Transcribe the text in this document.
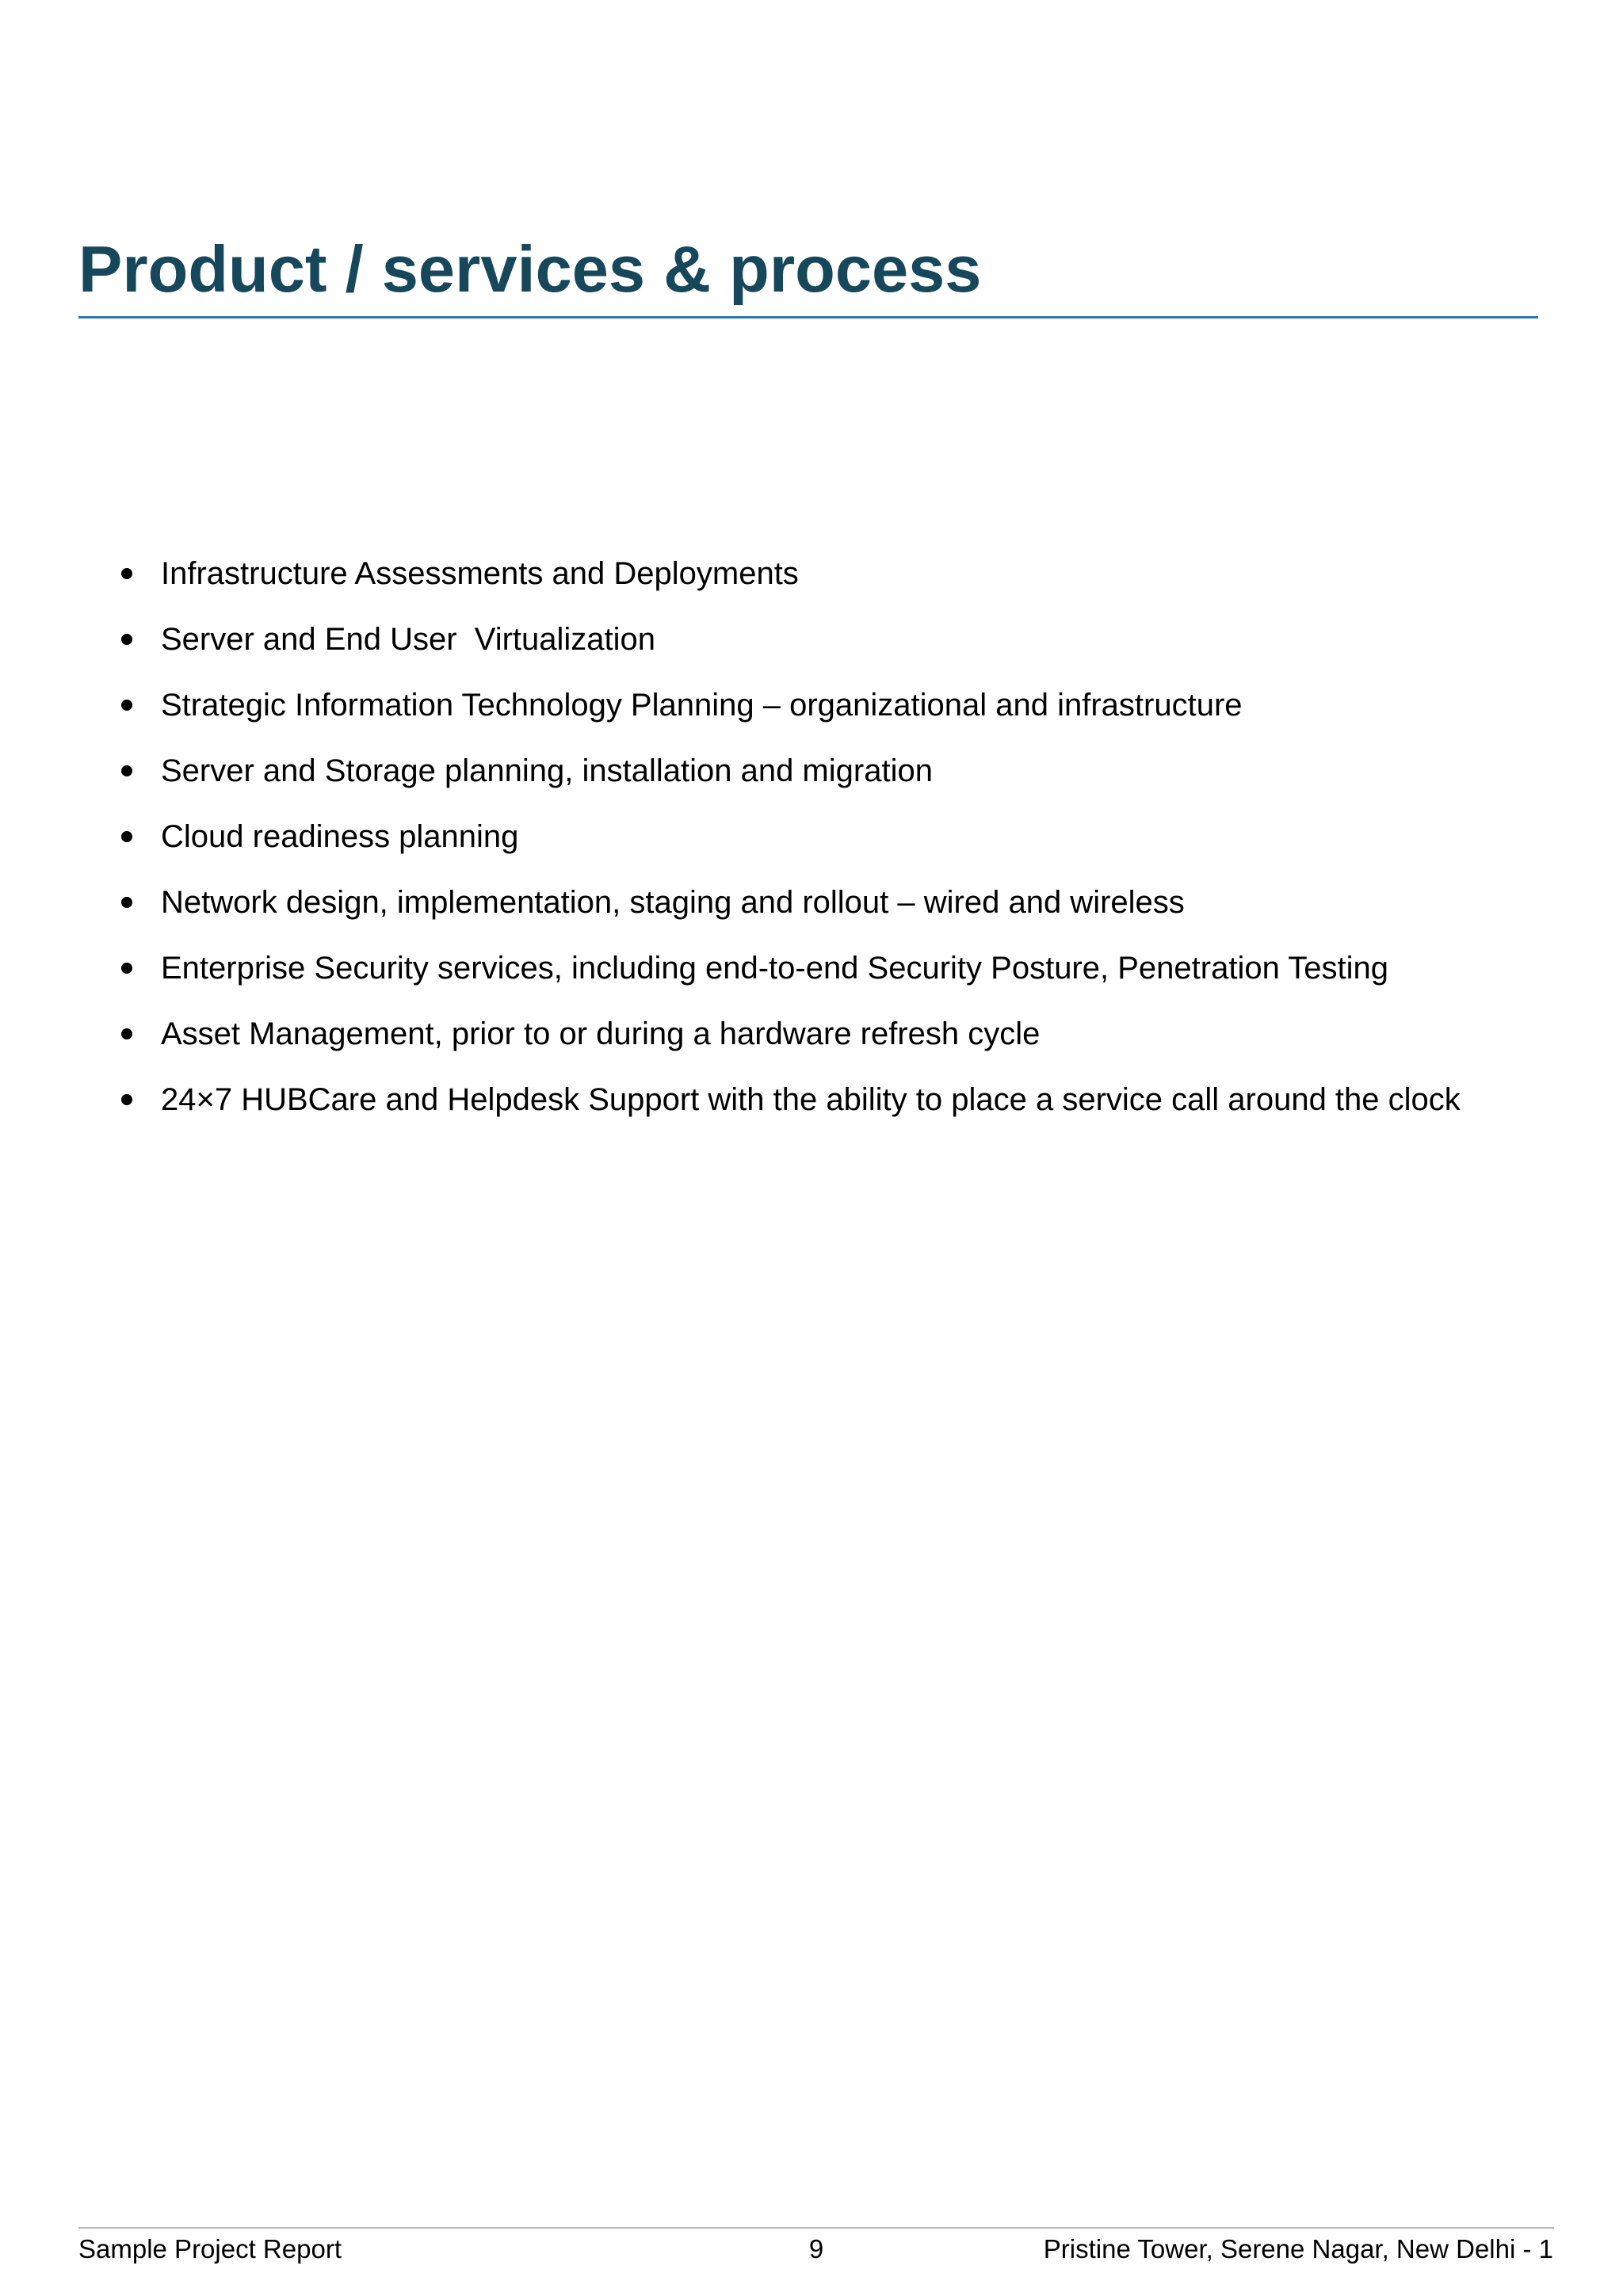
Product / services & process
Infrastructure Assessments and Deployments
Server and End User  Virtualization
Strategic Information Technology Planning – organizational and infrastructure
Server and Storage planning, installation and migration
Cloud readiness planning
Network design, implementation, staging and rollout – wired and wireless
Enterprise Security services, including end-to-end Security Posture, Penetration Testing
Asset Management, prior to or during a hardware refresh cycle
24×7 HUBCare and Helpdesk Support with the ability to place a service call around the clock
Sample Project Report	9	Pristine Tower, Serene Nagar, New Delhi - 1
